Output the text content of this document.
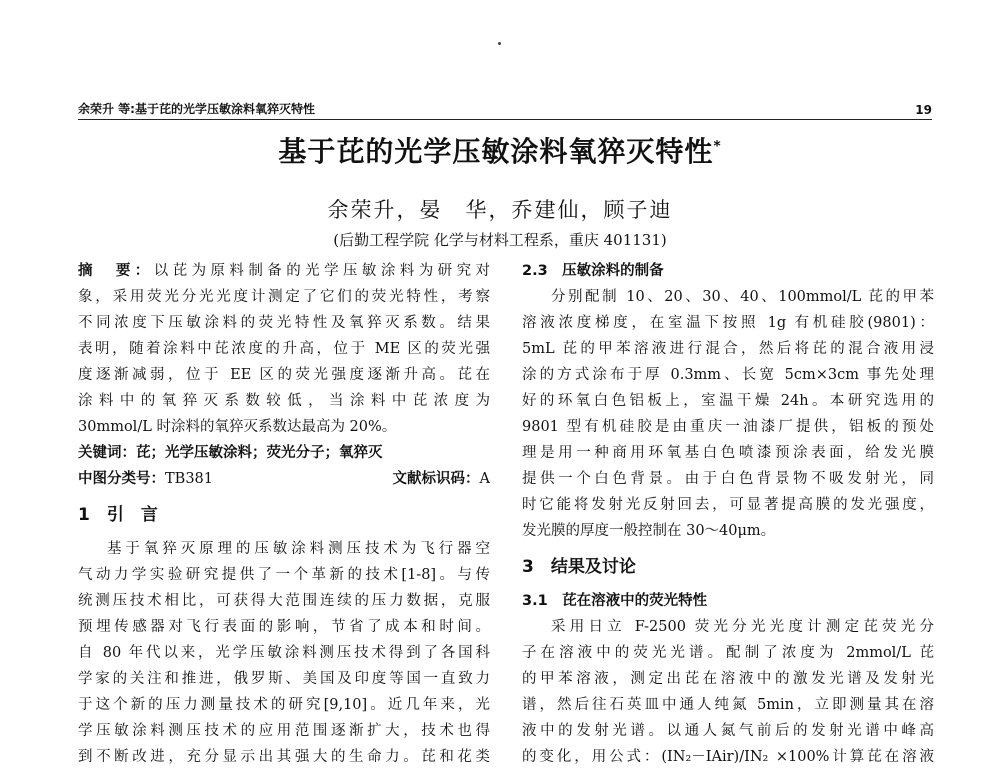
余荣升 等:基于芘的光学压敏涂料氧猝灭特性	19
基于芘的光学压敏涂料氧猝灭特性*
余荣升，晏　华，乔建仙，顾子迪
(后勤工程学院 化学与材料工程系，重庆 401131)
摘　要：以芘为原料制备的光学压敏涂料为研究对
象，采用荧光分光光度计测定了它们的荧光特性，考察
不同浓度下压敏涂料的荧光特性及氧猝灭系数。结果
表明，随着涂料中芘浓度的升高，位于 ME 区的荧光强
度逐渐减弱，位于 EE 区的荧光强度逐渐升高。芘在
涂料中的氧猝灭系数较低，当涂料中芘浓度为
30mmol/L 时涂料的氧猝灭系数达最高为 20%。
关键词：芘；光学压敏涂料；荧光分子；氧猝灭
中图分类号：TB381	文献标识码：A
1　引　言
基于氧猝灭原理的压敏涂料测压技术为飞行器空
气动力学实验研究提供了一个革新的技术[1-8]。与传
统测压技术相比，可获得大范围连续的压力数据，克服
预埋传感器对飞行表面的影响，节省了成本和时间。
自 80 年代以来，光学压敏涂料测压技术得到了各国科
学家的关注和推进，俄罗斯、美国及印度等国一直致力
于这个新的压力测量技术的研究[9,10]。近几年来，光
学压敏涂料测压技术的应用范围逐渐扩大，技术也得
到不断改进，充分显示出其强大的生命力。芘和花类
2.3　压敏涂料的制备
分别配制 10、20、30、40、100mmol/L 芘的甲苯
溶液浓度梯度，在室温下按照 1g 有机硅胶(9801)：
5mL 芘的甲苯溶液进行混合，然后将芘的混合液用浸
涂的方式涂布于厚 0.3mm、长宽 5cm×3cm 事先处理
好的环氧白色铝板上，室温干燥 24h。本研究选用的
9801 型有机硅胶是由重庆一油漆厂提供，铝板的预处
理是用一种商用环氧基白色喷漆预涂表面，给发光膜
提供一个白色背景。由于白色背景物不吸发射光，同
时它能将发射光反射回去，可显著提高膜的发光强度，
发光膜的厚度一般控制在 30～40μm。
3　结果及讨论
3.1　芘在溶液中的荧光特性
采用日立 F-2500 荧光分光光度计测定芘荧光分
子在溶液中的荧光光谱。配制了浓度为 2mmol/L 芘
的甲苯溶液，测定出芘在溶液中的激发光谱及发射光
谱，然后往石英皿中通人纯氮 5min，立即测量其在溶
液中的发射光谱。以通人氮气前后的发射光谱中峰高
的变化，用公式：(IN₂－IAir)/IN₂ ×100%计算芘在溶液
